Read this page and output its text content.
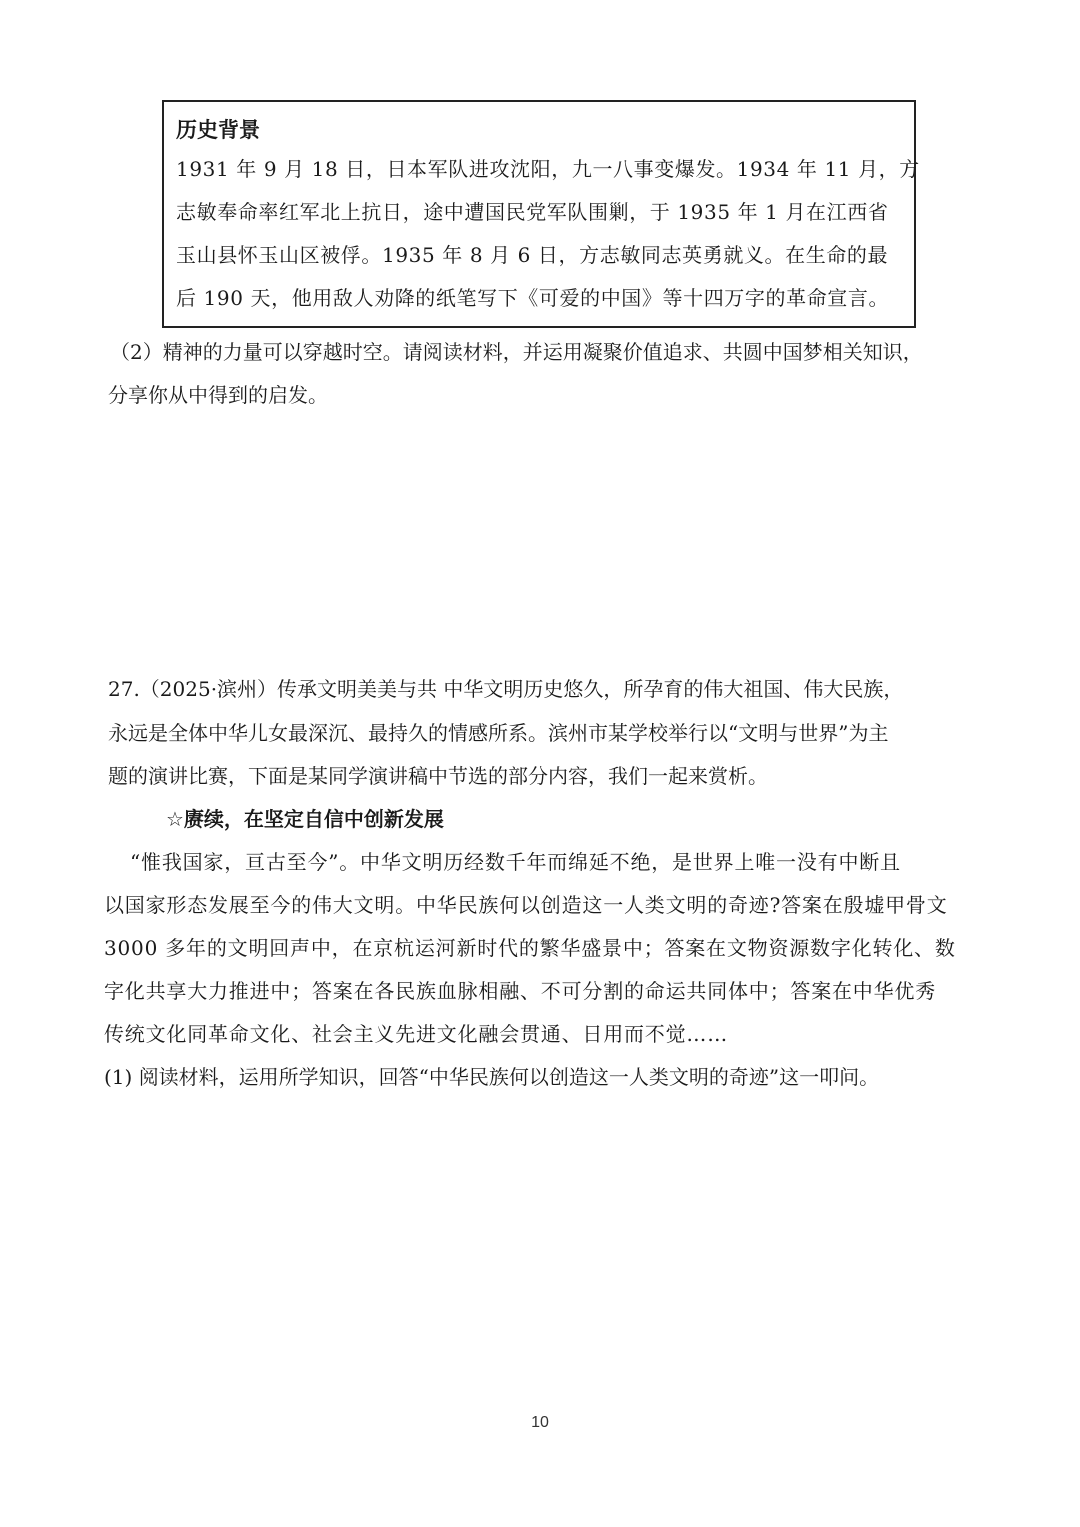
历史背景
1931 年 9 月 18 日，日本军队进攻沈阳，九一八事变爆发。1934 年 11 月，方
志敏奉命率红军北上抗日，途中遭国民党军队围剿，于 1935 年 1 月在江西省
玉山县怀玉山区被俘。1935 年 8 月 6 日，方志敏同志英勇就义。在生命的最
后 190 天，他用敌人劝降的纸笔写下《可爱的中国》等十四万字的革命宣言。
（2）精神的力量可以穿越时空。请阅读材料，并运用凝聚价值追求、共圆中国梦相关知识，
分享你从中得到的启发。
27.（2025·滨州）传承文明美美与共 中华文明历史悠久，所孕育的伟大祖国、伟大民族，
永远是全体中华儿女最深沉、最持久的情感所系。滨州市某学校举行以“文明与世界”为主
题的演讲比赛，下面是某同学演讲稿中节选的部分内容，我们一起来赏析。
☆赓续，在坚定自信中创新发展
“惟我国家，亘古至今”。中华文明历经数千年而绵延不绝，是世界上唯一没有中断且
以国家形态发展至今的伟大文明。中华民族何以创造这一人类文明的奇迹?答案在殷墟甲骨文
3000 多年的文明回声中，在京杭运河新时代的繁华盛景中；答案在文物资源数字化转化、数
字化共享大力推进中；答案在各民族血脉相融、不可分割的命运共同体中；答案在中华优秀
传统文化同革命文化、社会主义先进文化融会贯通、日用而不觉……
(1) 阅读材料，运用所学知识，回答“中华民族何以创造这一人类文明的奇迹”这一叩问。
10
